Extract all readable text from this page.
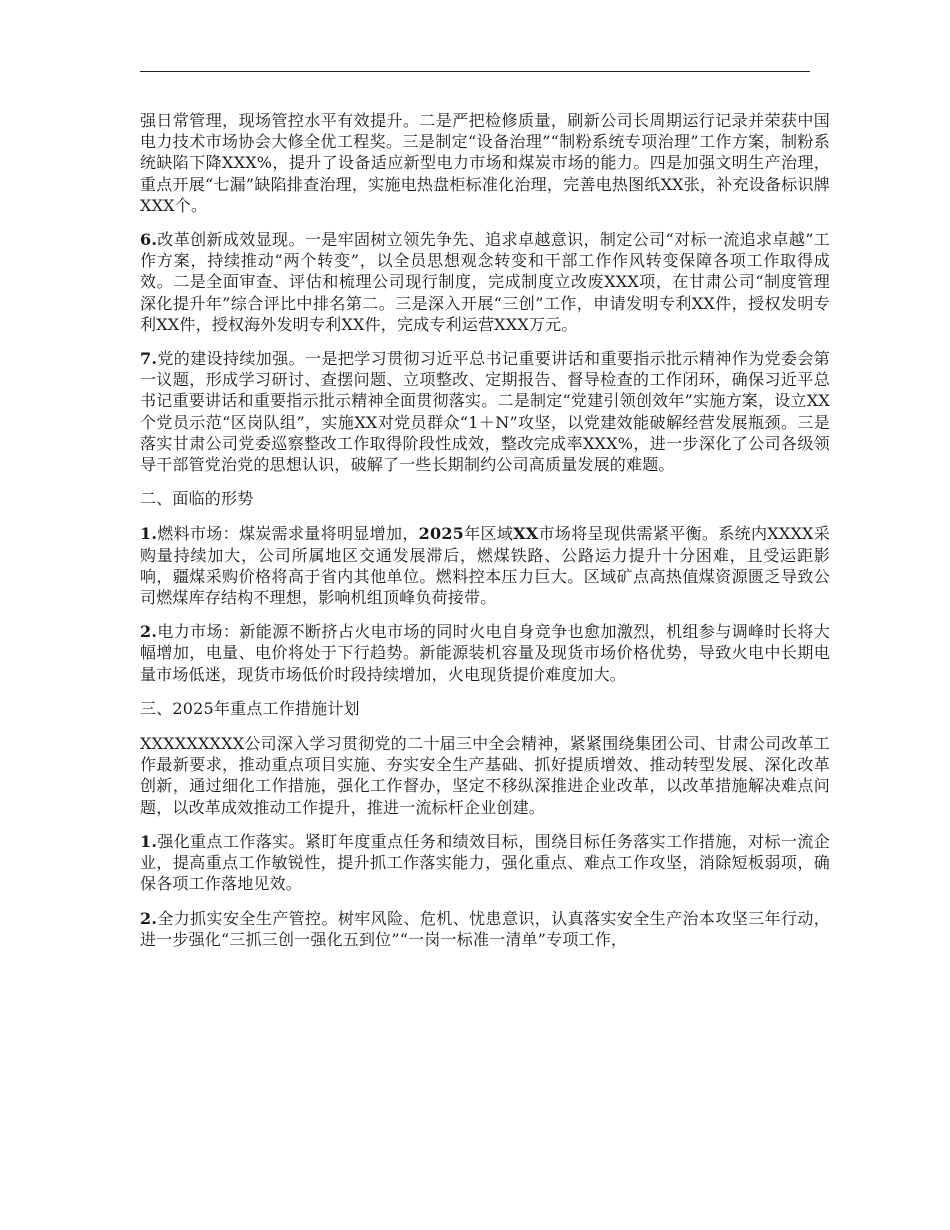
强日常管理，现场管控水平有效提升。二是严把检修质量，刷新公司长周期运行记录并荣获中国电力技术市场协会大修全优工程奖。三是制定“设备治理”“制粉系统专项治理”工作方案，制粉系统缺陷下降XXX%，提升了设备适应新型电力市场和煤炭市场的能力。四是加强文明生产治理，重点开展“七漏”缺陷排查治理，实施电热盘柜标准化治理，完善电热图纸XX张，补充设备标识牌XXX个。

6.改革创新成效显现。一是牢固树立领先争先、追求卓越意识，制定公司“对标一流追求卓越”工作方案，持续推动“两个转变”，以全员思想观念转变和干部工作作风转变保障各项工作取得成效。二是全面审查、评估和梳理公司现行制度，完成制度立改废XXX项，在甘肃公司“制度管理深化提升年”综合评比中排名第二。三是深入开展“三创”工作，申请发明专利XX件，授权发明专利XX件，授权海外发明专利XX件，完成专利运营XXX万元。

7.党的建设持续加强。一是把学习贯彻习近平总书记重要讲话和重要指示批示精神作为党委会第一议题，形成学习研讨、查摆问题、立项整改、定期报告、督导检查的工作闭环，确保习近平总书记重要讲话和重要指示批示精神全面贯彻落实。二是制定“党建引领创效年”实施方案，设立XX个党员示范“区岗队组”，实施XX对党员群众“1＋N”攻坚，以党建效能破解经营发展瓶颈。三是落实甘肃公司党委巡察整改工作取得阶段性成效，整改完成率XXX%，进一步深化了公司各级领导干部管党治党的思想认识，破解了一些长期制约公司高质量发展的难题。

二、面临的形势

1.燃料市场：煤炭需求量将明显增加，2025年区域XX市场将呈现供需紧平衡。系统内XXXX采购量持续加大，公司所属地区交通发展滞后，燃煤铁路、公路运力提升十分困难，且受运距影响，疆煤采购价格将高于省内其他单位。燃料控本压力巨大。区域矿点高热值煤资源匮乏导致公司燃煤库存结构不理想，影响机组顶峰负荷接带。

2.电力市场：新能源不断挤占火电市场的同时火电自身竞争也愈加激烈，机组参与调峰时长将大幅增加，电量、电价将处于下行趋势。新能源装机容量及现货市场价格优势，导致火电中长期电量市场低迷，现货市场低价时段持续增加，火电现货提价难度加大。

三、2025年重点工作措施计划

XXXXXXXXX公司深入学习贯彻党的二十届三中全会精神，紧紧围绕集团公司、甘肃公司改革工作最新要求，推动重点项目实施、夯实安全生产基础、抓好提质增效、推动转型发展、深化改革创新，通过细化工作措施，强化工作督办，坚定不移纵深推进企业改革，以改革措施解决难点问题，以改革成效推动工作提升，推进一流标杆企业创建。

1.强化重点工作落实。紧盯年度重点任务和绩效目标，围绕目标任务落实工作措施，对标一流企业，提高重点工作敏锐性，提升抓工作落实能力，强化重点、难点工作攻坚，消除短板弱项，确保各项工作落地见效。

2.全力抓实安全生产管控。树牢风险、危机、忧患意识，认真落实安全生产治本攻坚三年行动，进一步强化“三抓三创一强化五到位”“一岗一标准一清单”专项工作，
